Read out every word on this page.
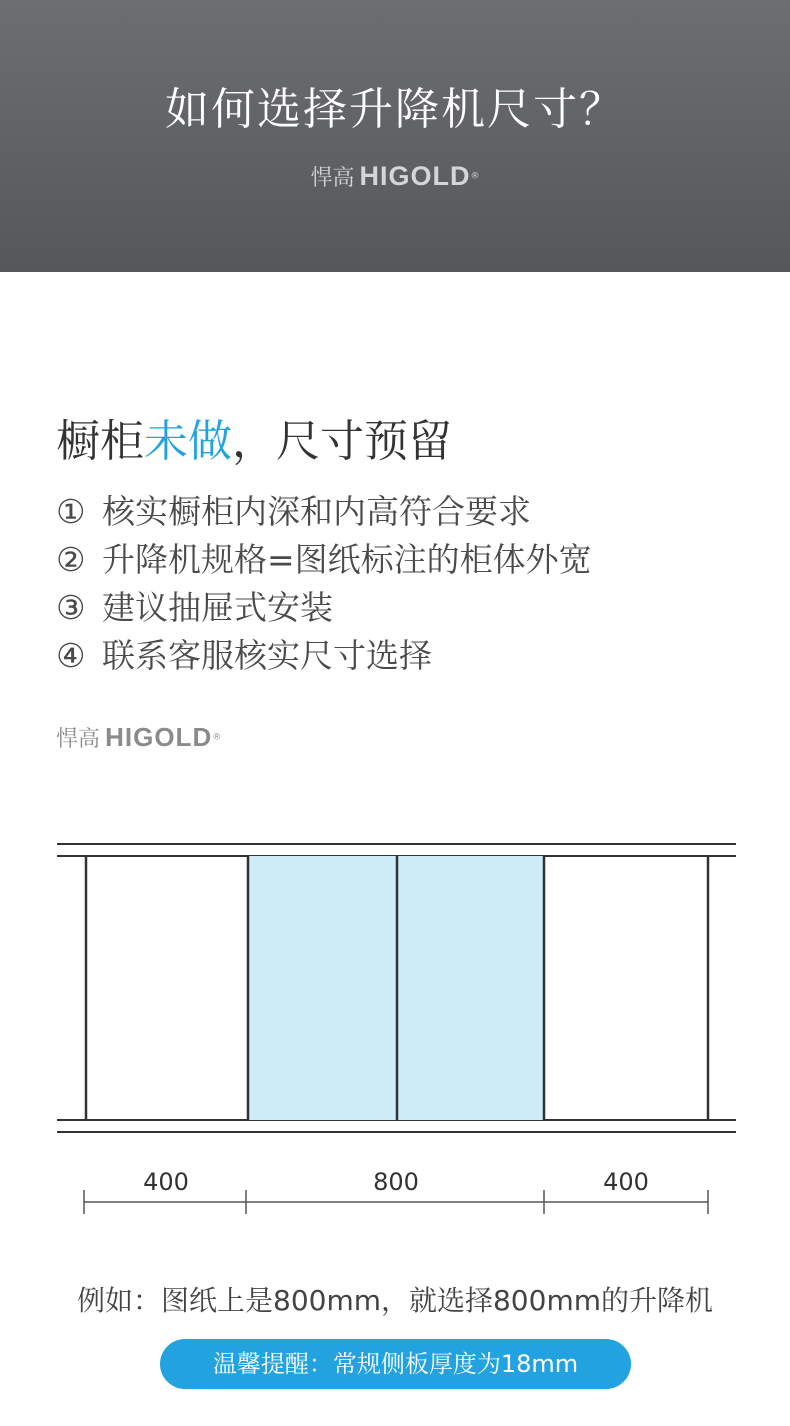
如何选择升降机尺寸？
悍高 HIGOLD®
橱柜未做，尺寸预留
① 核实橱柜内深和内高符合要求
② 升降机规格=图纸标注的柜体外宽
③ 建议抽屉式安装
④ 联系客服核实尺寸选择
悍高 HIGOLD®
400	800	400
例如：图纸上是800mm，就选择800mm的升降机
温馨提醒：常规侧板厚度为18mm
